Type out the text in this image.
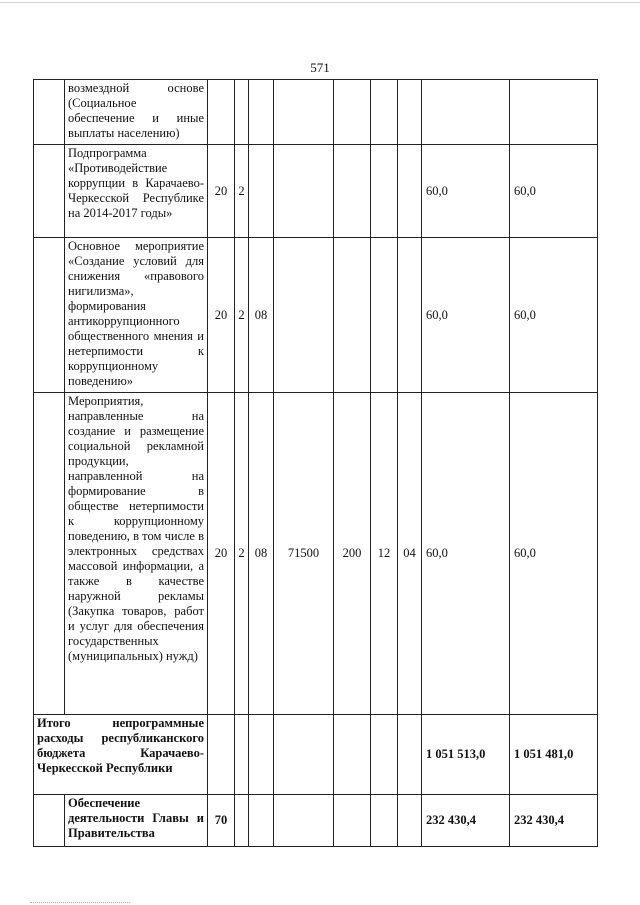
571
	возмездной основе (Социальное обеспечение и иные выплаты населению)									
	Подпрограмма «Противодействие коррупции в Карачаево-Черкесской Республике на 2014-2017 годы»	20	2						60,0	60,0
	Основное мероприятие «Создание условий для снижения «правового нигилизма», формирования антикоррупционного общественного мнения и нетерпимости к коррупционному поведению»	20	2	08					60,0	60,0
	Мероприятия, направленные на создание и размещение социальной рекламной продукции, направленной на формирование в обществе нетерпимости к коррупционному поведению, в том числе в электронных средствах массовой информации, а также в качестве наружной рекламы (Закупка товаров, работ и услуг для обеспечения государственных (муниципальных) нужд)	20	2	08	71500	200	12	04	60,0	60,0
Итого непрограммные расходы республиканского бюджета Карачаево-Черкесской Республики									1 051 513,0	1 051 481,0
	Обеспечение деятельности Главы и Правительства	70							232 430,4	232 430,4
